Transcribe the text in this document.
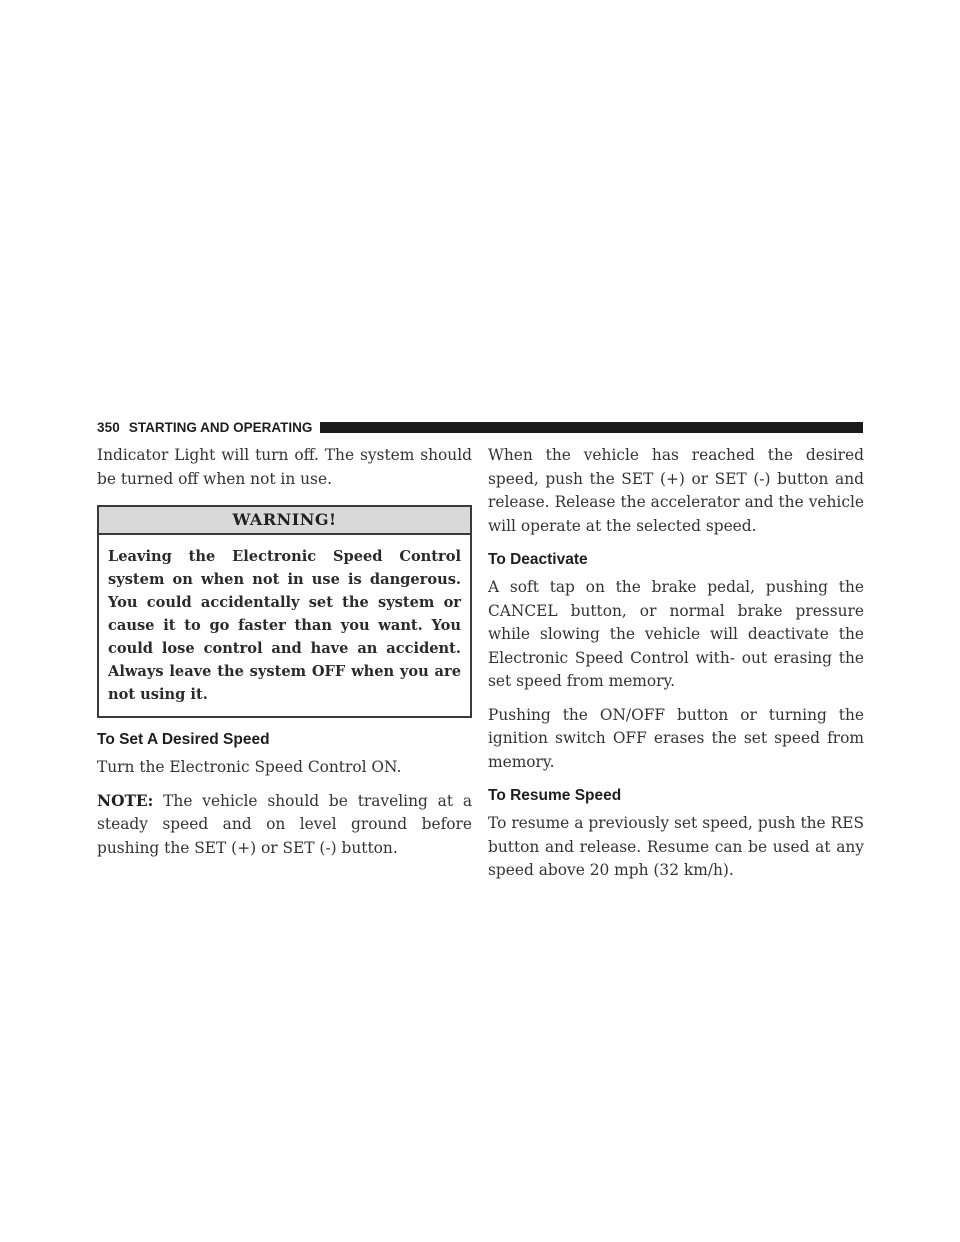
350 STARTING AND OPERATING

Indicator Light will turn off. The system should be turned off when not in use.

WARNING!
Leaving the Electronic Speed Control system on when not in use is dangerous. You could accidentally set the system or cause it to go faster than you want. You could lose control and have an accident. Always leave the system OFF when you are not using it.
To Set A Desired Speed

Turn the Electronic Speed Control ON.

NOTE: The vehicle should be traveling at a steady speed and on level ground before pushing the SET (+) or SET (-) button.

When the vehicle has reached the desired speed, push the SET (+) or SET (-) button and release. Release the accelerator and the vehicle will operate at the selected speed.

To Deactivate

A soft tap on the brake pedal, pushing the CANCEL button, or normal brake pressure while slowing the vehicle will deactivate the Electronic Speed Control with- out erasing the set speed from memory.

Pushing the ON/OFF button or turning the ignition switch OFF erases the set speed from memory.

To Resume Speed

To resume a previously set speed, push the RES button and release. Resume can be used at any speed above 20 mph (32 km/h).
